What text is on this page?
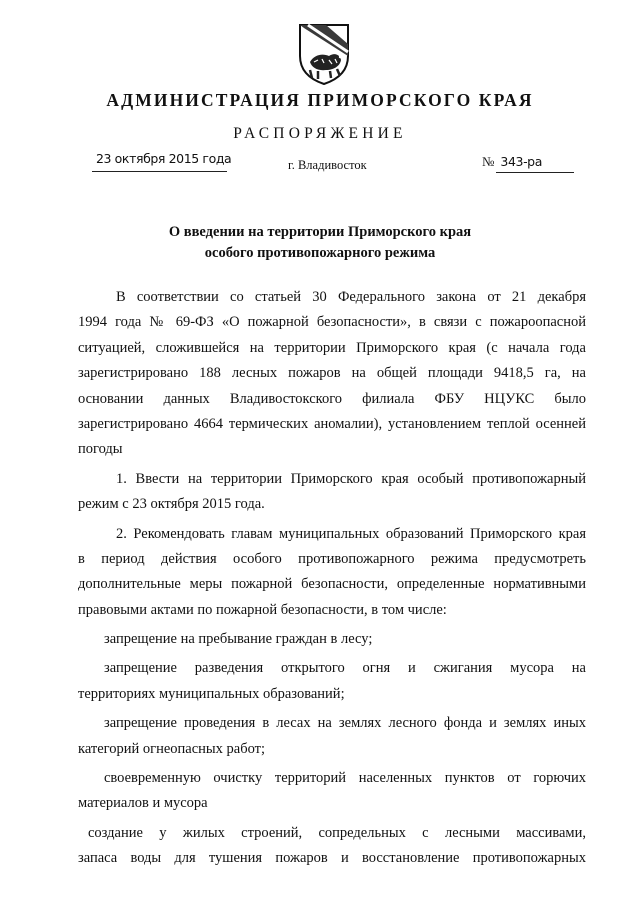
АДМИНИСТРАЦИЯ ПРИМОРСКОГО КРАЯ
РАСПОРЯЖЕНИЕ
23 октября 2015 года	г. Владивосток	№ 343-ра
О введении на территории Приморского края
особого противопожарного режима
В соответствии со статьей 30 Федерального закона от 21 декабря
1994 года № 69-ФЗ «О пожарной безопасности», в связи с пожароопасной
ситуацией, сложившейся на территории Приморского края (с начала года
зарегистрировано 188 лесных пожаров на общей площади 9418,5 га, на
основании данных Владивостокского филиала ФБУ НЦУКС было
зарегистрировано 4664 термических аномалии), установлением теплой осенней
погоды
1. Ввести на территории Приморского края особый противопожарный
режим с 23 октября 2015 года.
2. Рекомендовать главам муниципальных образований Приморского края
в период действия особого противопожарного режима предусмотреть
дополнительные меры пожарной безопасности, определенные нормативными
правовыми актами по пожарной безопасности, в том числе:
запрещение на пребывание граждан в лесу;
запрещение разведения открытого огня и сжигания мусора на
территориях муниципальных образований;
запрещение проведения в лесах на землях лесного фонда и землях иных
категорий огнеопасных работ;
своевременную очистку территорий населенных пунктов от горючих
материалов и мусора
создание у жилых строений, сопредельных с лесными массивами,
запаса воды для тушения пожаров и восстановление противопожарных
